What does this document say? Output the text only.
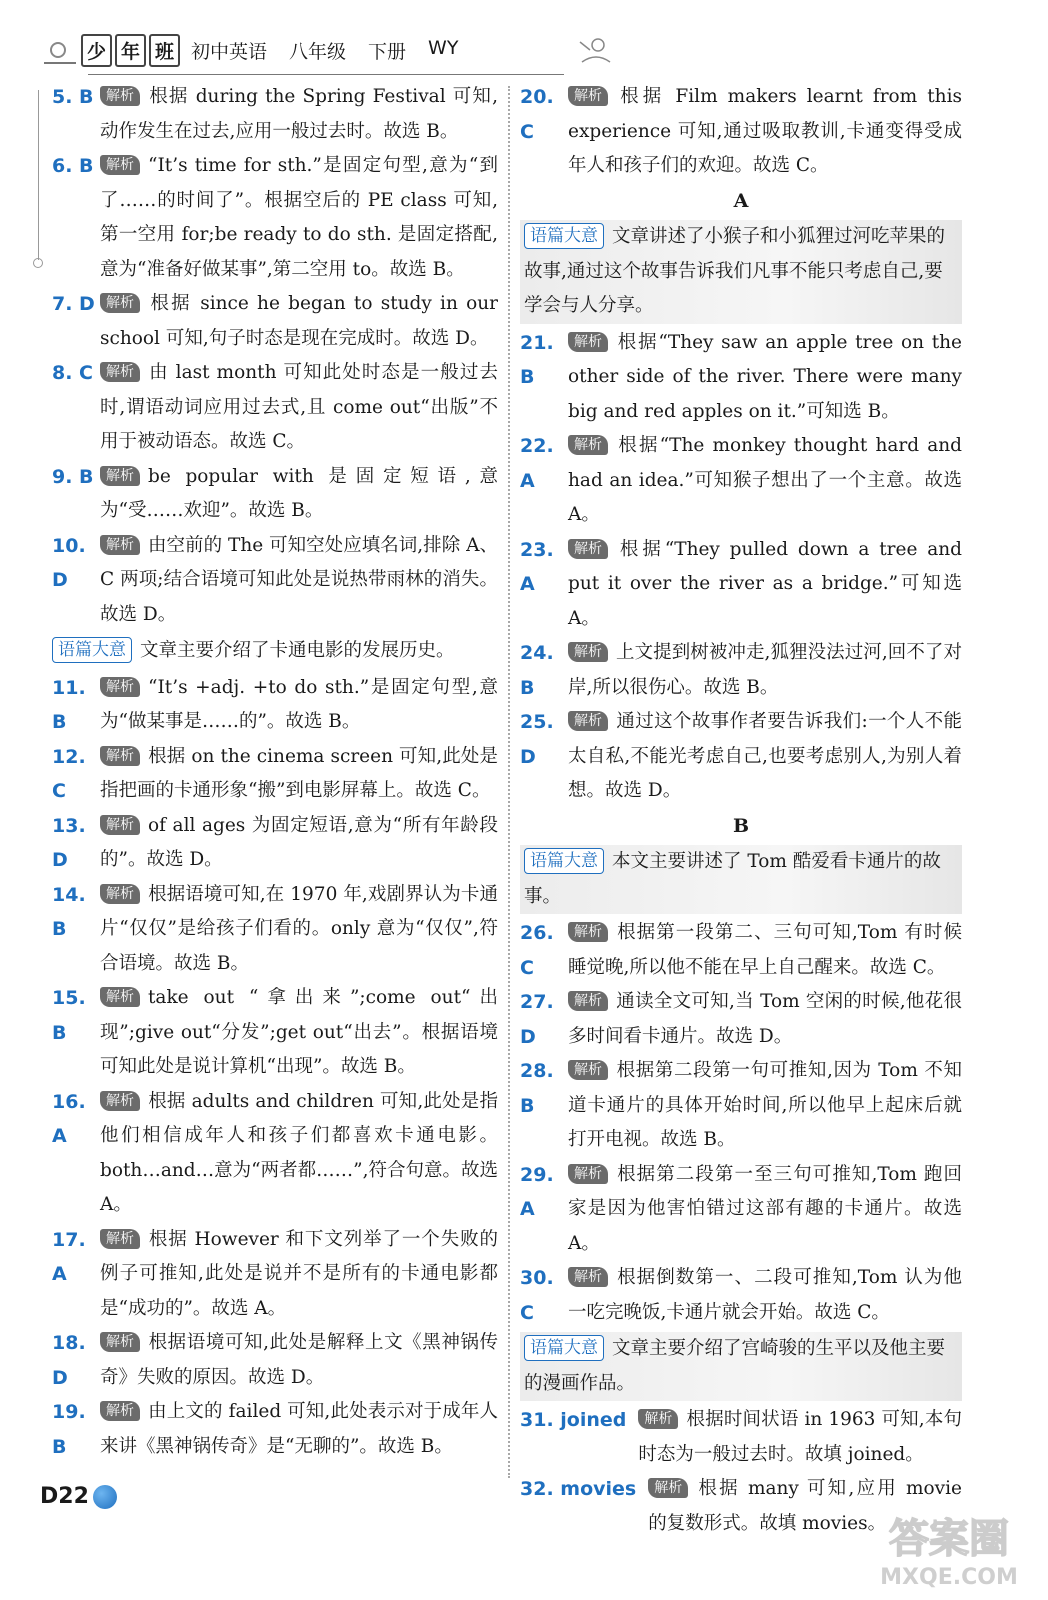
少 年 班 初中英语 八年级 下册 WY
5. B 解析 根据 during the Spring Festival 可知,动作发生在过去,应用一般过去时。故选 B。
6. B 解析 “It’s time for sth.”是固定句型,意为“到了……的时间了”。根据空后的 PE class 可知,第一空用 for;be ready to do sth. 是固定搭配,意为“准备好做某事”,第二空用 to。故选 B。
7. D 解析 根据 since he began to study in our school 可知,句子时态是现在完成时。故选 D。
8. C 解析 由 last month 可知此处时态是一般过去时,谓语动词应用过去式,且 come out“出版”不用于被动语态。故选 C。
9. B 解析 be popular with 是固定短语,意为“受……欢迎”。故选 B。
10. D
解析 由空前的 The 可知空处应填名词,排除 A、C 两项;结合语境可知此处是说热带雨林的消失。故选 D。
语篇大意 文章主要介绍了卡通电影的发展历史。
11. B
解析 “It’s +adj. +to do sth.”是固定句型,意为“做某事是……的”。故选 B。
12. C
解析 根据 on the cinema screen 可知,此处是指把画的卡通形象“搬”到电影屏幕上。故选 C。
13. D
解析 of all ages 为固定短语,意为“所有年龄段的”。故选 D。
14. B
解析 根据语境可知,在 1970 年,戏剧界认为卡通片“仅仅”是给孩子们看的。only 意为“仅仅”,符合语境。故选 B。
15. B
解析 take out “拿出来”;come out“出现”;give out“分发”;get out“出去”。根据语境可知此处是说计算机“出现”。故选 B。
16. A
解析 根据 adults and children 可知,此处是指他们相信成年人和孩子们都喜欢卡通电影。both…and…意为“两者都……”,符合句意。故选 A。
17. A
解析 根据 However 和下文列举了一个失败的例子可推知,此处是说并不是所有的卡通电影都是“成功的”。故选 A。
18. D
解析 根据语境可知,此处是解释上文《黑神锅传奇》失败的原因。故选 D。
19. B
解析 由上文的 failed 可知,此处表示对于成年人来讲《黑神锅传奇》是“无聊的”。故选 B。
20. C
解析 根据 Film makers learnt from this experience 可知,通过吸取教训,卡通变得受成年人和孩子们的欢迎。故选 C。
A
语篇大意 文章讲述了小猴子和小狐狸过河吃苹果的故事,通过这个故事告诉我们凡事不能只考虑自己,要学会与人分享。
21. B
解析 根据“They saw an apple tree on the other side of the river. There were many big and red apples on it.”可知选 B。
22. A
解析 根据“The monkey thought hard and had an idea.”可知猴子想出了一个主意。故选 A。
23. A
解析 根据“They pulled down a tree and put it over the river as a bridge.”可知选 A。
24. B
解析 上文提到树被冲走,狐狸没法过河,回不了对岸,所以很伤心。故选 B。
25. D
解析 通过这个故事作者要告诉我们:一个人不能太自私,不能光考虑自己,也要考虑别人,为别人着想。故选 D。
B
语篇大意 本文主要讲述了 Tom 酷爱看卡通片的故事。
26. C
解析 根据第一段第二、三句可知,Tom 有时候睡觉晚,所以他不能在早上自己醒来。故选 C。
27. D
解析 通读全文可知,当 Tom 空闲的时候,他花很多时间看卡通片。故选 D。
28. B
解析 根据第二段第一句可推知,因为 Tom 不知道卡通片的具体开始时间,所以他早上起床后就打开电视。故选 B。
29. A
解析 根据第二段第一至三句可推知,Tom 跑回家是因为他害怕错过这部有趣的卡通片。故选 A。
30. C
解析 根据倒数第一、二段可推知,Tom 认为他一吃完晚饭,卡通片就会开始。故选 C。
语篇大意 文章主要介绍了宫崎骏的生平以及他主要的漫画作品。
31. joined	解析 根据时间状语 in 1963 可知,本句时态为一般过去时。故填 joined。
32. movies	解析 根据 many 可知,应用 movie 的复数形式。故填 movies。
D22
答案圈
MXQE.COM
